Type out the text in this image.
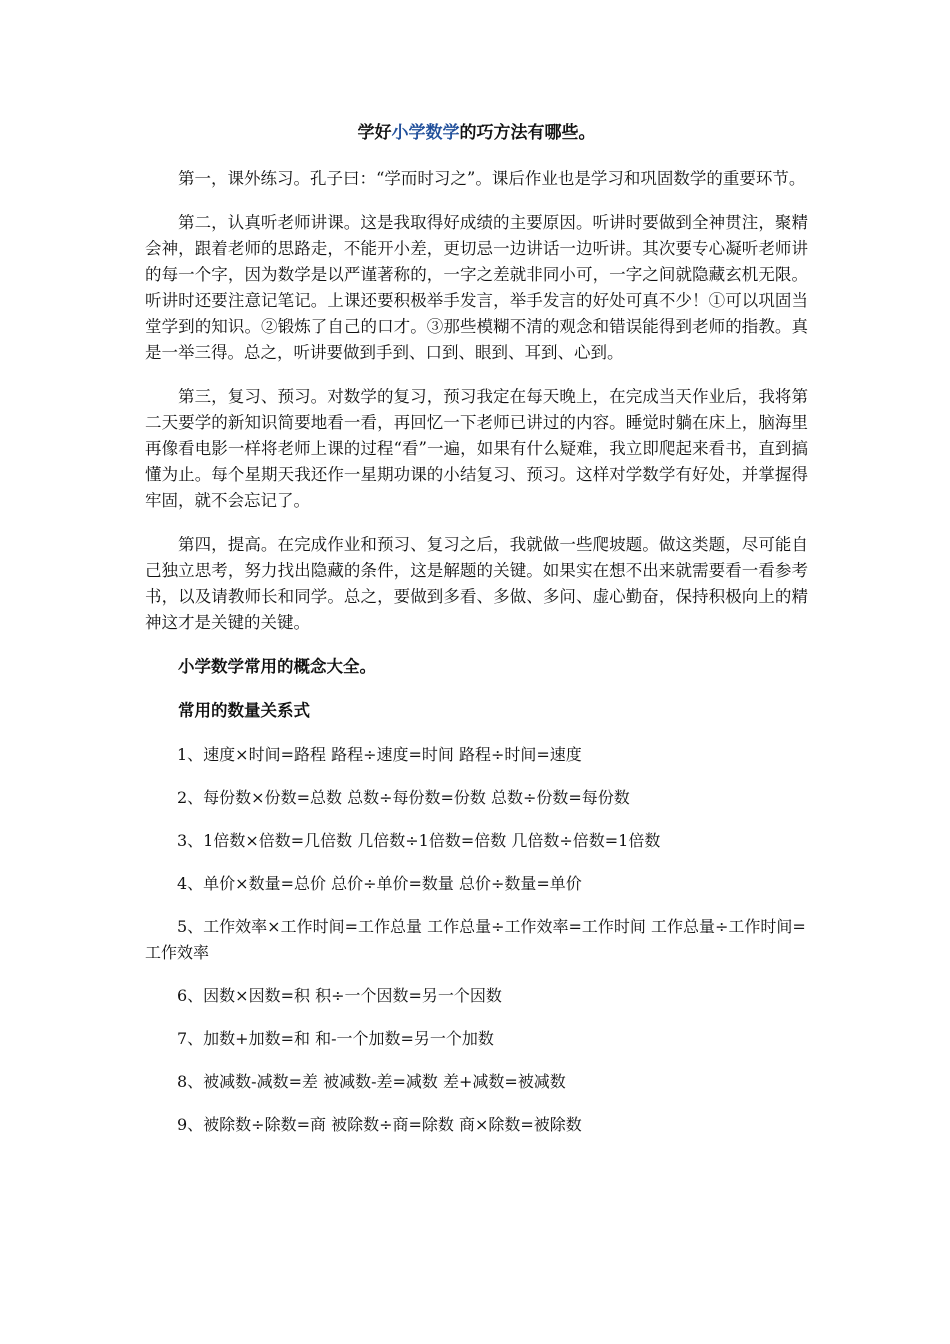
学好小学数学的巧方法有哪些。

第一，课外练习。孔子曰：“学而时习之”。课后作业也是学习和巩固数学的重要环节。

第二，认真听老师讲课。这是我取得好成绩的主要原因。听讲时要做到全神贯注，聚精会神，跟着老师的思路走，不能开小差，更切忌一边讲话一边听讲。其次要专心凝听老师讲的每一个字，因为数学是以严谨著称的，一字之差就非同小可，一字之间就隐藏玄机无限。听讲时还要注意记笔记。上课还要积极举手发言，举手发言的好处可真不少！①可以巩固当堂学到的知识。②锻炼了自己的口才。③那些模糊不清的观念和错误能得到老师的指教。真是一举三得。总之，听讲要做到手到、口到、眼到、耳到、心到。

第三，复习、预习。对数学的复习，预习我定在每天晚上，在完成当天作业后，我将第二天要学的新知识简要地看一看，再回忆一下老师已讲过的内容。睡觉时躺在床上，脑海里再像看电影一样将老师上课的过程“看”一遍，如果有什么疑难，我立即爬起来看书，直到搞懂为止。每个星期天我还作一星期功课的小结复习、预习。这样对学数学有好处，并掌握得牢固，就不会忘记了。

第四，提高。在完成作业和预习、复习之后，我就做一些爬坡题。做这类题，尽可能自己独立思考，努力找出隐藏的条件，这是解题的关键。如果实在想不出来就需要看一看参考书，以及请教师长和同学。总之，要做到多看、多做、多问、虚心勤奋，保持积极向上的精神这才是关键的关键。

小学数学常用的概念大全。
常用的数量关系式
1、速度×时间=路程 路程÷速度=时间 路程÷时间=速度
2、每份数×份数=总数 总数÷每份数=份数 总数÷份数=每份数
3、1倍数×倍数=几倍数 几倍数÷1倍数=倍数 几倍数÷倍数=1倍数
4、单价×数量=总价 总价÷单价=数量 总价÷数量=单价
5、工作效率×工作时间=工作总量 工作总量÷工作效率=工作时间 工作总量÷工作时间=工作效率
6、因数×因数=积 积÷一个因数=另一个因数
7、加数+加数=和 和-一个加数=另一个加数
8、被减数-减数=差 被减数-差=减数 差+减数=被减数
9、被除数÷除数=商 被除数÷商=除数 商×除数=被除数
